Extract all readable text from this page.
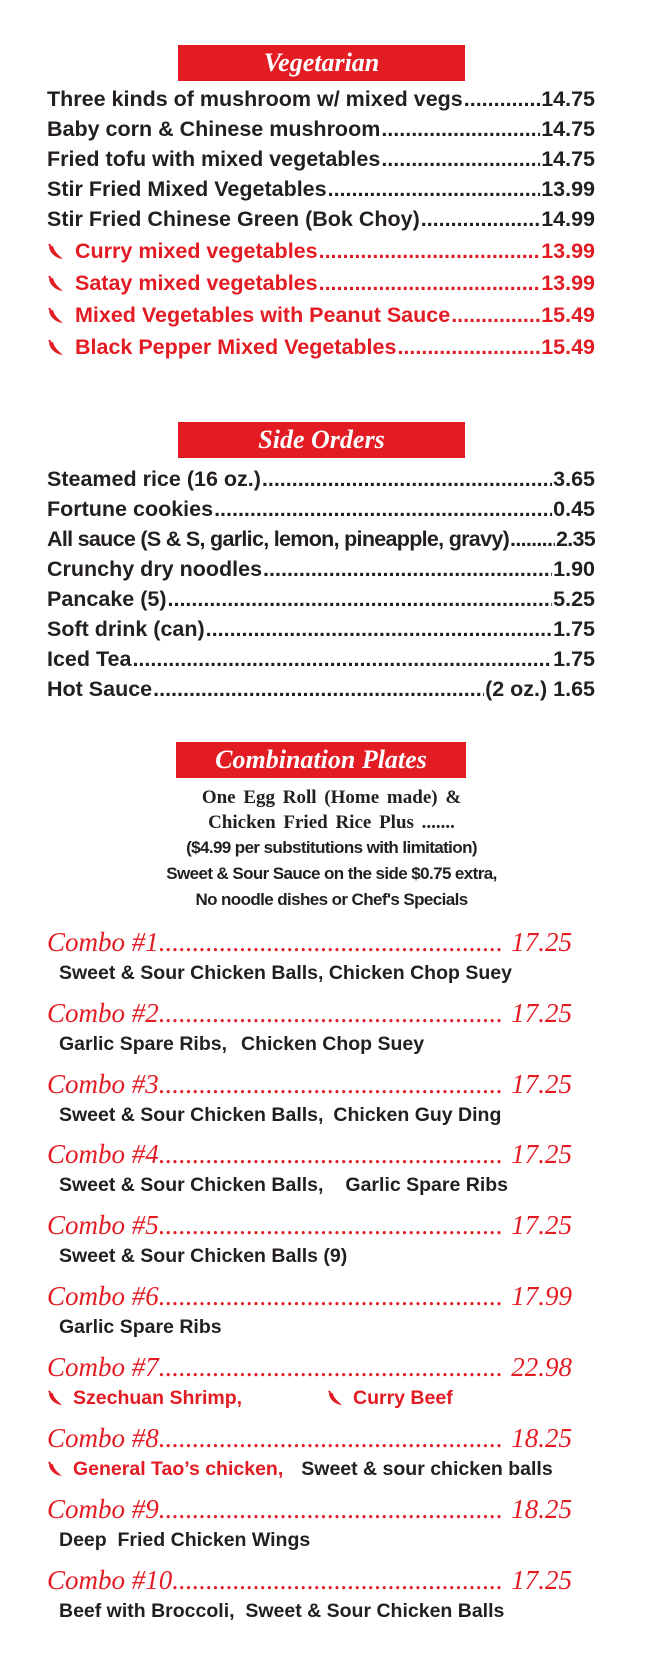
Vegetarian
Three kinds of mushroom w/ mixed vegs .....	14.75
Baby corn & Chinese mushroom .....	14.75
Fried tofu with mixed vegetables .....	14.75
Stir Fried Mixed Vegetables .....	13.99
Stir Fried Chinese Green (Bok Choy) .....	14.99
Curry mixed vegetables .....	13.99
Satay mixed vegetables .....	13.99
Mixed Vegetables with Peanut Sauce .....	15.49
Black Pepper Mixed Vegetables .....	15.49
Side Orders
Steamed rice (16 oz.) .....	3.65
Fortune cookies .....	0.45
All sauce (S & S, garlic, lemon, pineapple, gravy) ..... 2.35
Crunchy dry noodles .....	1.90
Pancake (5) .....	5.25
Soft drink (can) .....	1.75
Iced Tea .....	1.75
Hot Sauce .....	(2 oz.) 1.65
Combination Plates
One Egg Roll (Home made) &
Chicken Fried Rice Plus .......
($4.99 per substitutions with limitation)
Sweet & Sour Sauce on the side $0.75 extra,
No noodle dishes or Chef's Specials
Combo #1 .....	17.25
Sweet & Sour Chicken Balls, Chicken Chop Suey
Combo #2 .....	17.25
Garlic Spare Ribs, Chicken Chop Suey
Combo #3 .....	17.25
Sweet & Sour Chicken Balls, Chicken Guy Ding
Combo #4 .....	17.25
Sweet & Sour Chicken Balls, Garlic Spare Ribs
Combo #5 .....	17.25
Sweet & Sour Chicken Balls (9)
Combo #6 .....	17.99
Garlic Spare Ribs
Combo #7 .....	22.98
Szechuan Shrimp,	Curry Beef
Combo #8 .....	18.25
General Tao’s chicken, Sweet & sour chicken balls
Combo #9 .....	18.25
Deep  Fried Chicken Wings
Combo #10 .....	17.25
Beef with Broccoli,  Sweet & Sour Chicken Balls
